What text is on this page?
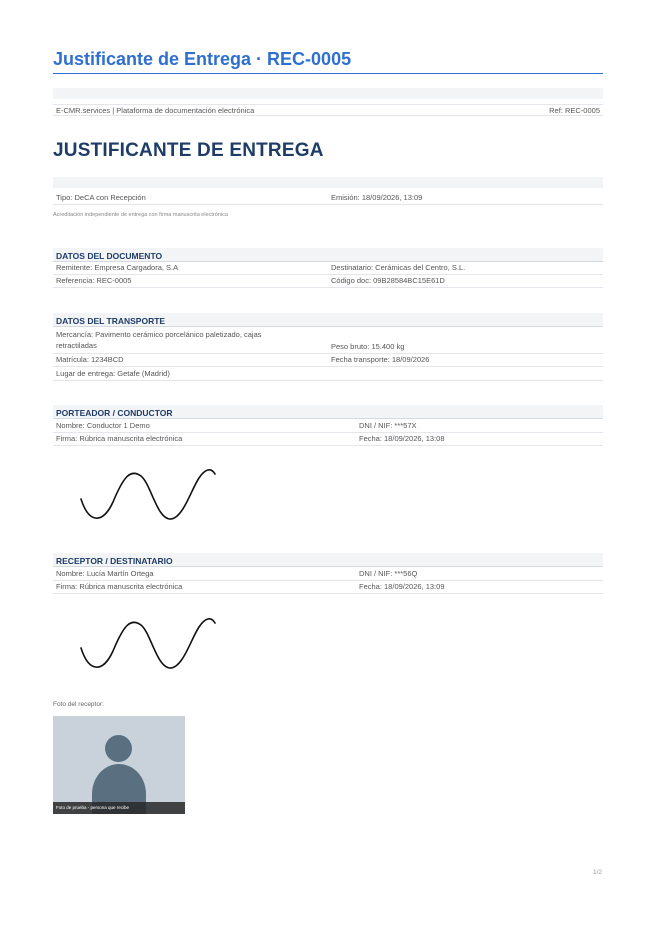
Justificante de Entrega · REC-0005
E-CMR.services | Plataforma de documentación electrónica	Ref: REC-0005
JUSTIFICANTE DE ENTREGA
Tipo: DeCA con Recepción	Emisión: 18/09/2026, 13:09
Acreditación independiente de entrega con firma manuscrita electrónica
DATOS DEL DOCUMENTO
Remitente: Empresa Cargadora, S.A	Destinatario: Cerámicas del Centro, S.L.
Referencia: REC-0005	Código doc: 09B28584BC15E61D
DATOS DEL TRANSPORTE
Mercancía: Pavimento cerámico porcelánico paletizado, cajas retractiladas	Peso bruto: 15.400 kg
Matrícula: 1234BCD	Fecha transporte: 18/09/2026
Lugar de entrega: Getafe (Madrid)
PORTEADOR / CONDUCTOR
Nombre: Conductor 1 Demo	DNI / NIF: ***57X
Firma: Rúbrica manuscrita electrónica	Fecha: 18/09/2026, 13:08
RECEPTOR / DESTINATARIO
Nombre: Lucía Martín Ortega	DNI / NIF: ***56Q
Firma: Rúbrica manuscrita electrónica	Fecha: 18/09/2026, 13:09
Foto del receptor:
Foto de prueba - persona que recibe
1/2
